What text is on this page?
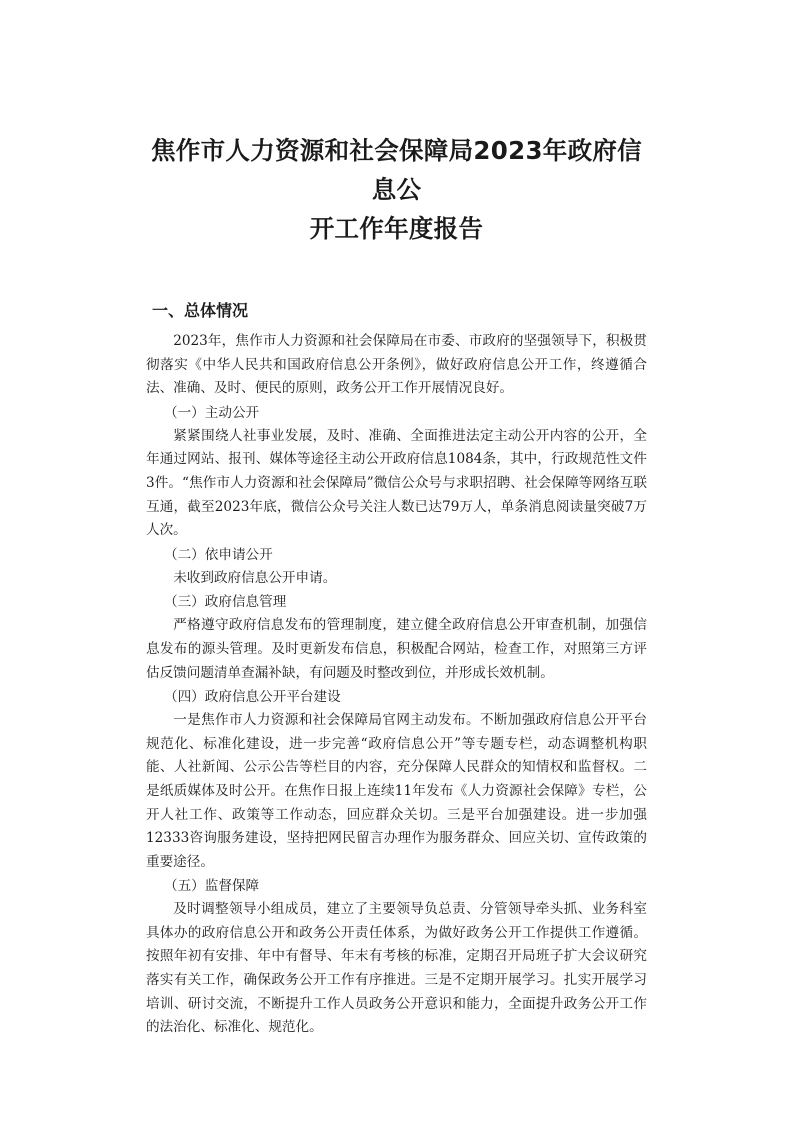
焦作市人力资源和社会保障局2023年政府信息公
开工作年度报告
一、总体情况

2023年，焦作市人力资源和社会保障局在市委、市政府的坚强领导下，积极贯彻落实《中华人民共和国政府信息公开条例》，做好政府信息公开工作，终遵循合法、准确、及时、便民的原则，政务公开工作开展情况良好。

（一）主动公开

紧紧围绕人社事业发展，及时、准确、全面推进法定主动公开内容的公开，全年通过网站、报刊、媒体等途径主动公开政府信息1084条，其中，行政规范性文件3件。“焦作市人力资源和社会保障局”微信公众号与求职招聘、社会保障等网络互联互通，截至2023年底，微信公众号关注人数已达79万人，单条消息阅读量突破7万人次。

（二）依申请公开

未收到政府信息公开申请。

（三）政府信息管理

严格遵守政府信息发布的管理制度，建立健全政府信息公开审查机制，加强信息发布的源头管理。及时更新发布信息，积极配合网站，检查工作，对照第三方评估反馈问题清单查漏补缺，有问题及时整改到位，并形成长效机制。

（四）政府信息公开平台建设

一是焦作市人力资源和社会保障局官网主动发布。不断加强政府信息公开平台规范化、标准化建设，进一步完善“政府信息公开”等专题专栏，动态调整机构职能、人社新闻、公示公告等栏目的内容，充分保障人民群众的知情权和监督权。二是纸质媒体及时公开。在焦作日报上连续11年发布《人力资源社会保障》专栏，公开人社工作、政策等工作动态，回应群众关切。三是平台加强建设。进一步加强12333咨询服务建设，坚持把网民留言办理作为服务群众、回应关切、宣传政策的重要途径。

（五）监督保障

及时调整领导小组成员，建立了主要领导负总责、分管领导牵头抓、业务科室具体办的政府信息公开和政务公开责任体系，为做好政务公开工作提供工作遵循。按照年初有安排、年中有督导、年末有考核的标准，定期召开局班子扩大会议研究落实有关工作，确保政务公开工作有序推进。三是不定期开展学习。扎实开展学习培训、研讨交流，不断提升工作人员政务公开意识和能力，全面提升政务公开工作的法治化、标准化、规范化。
